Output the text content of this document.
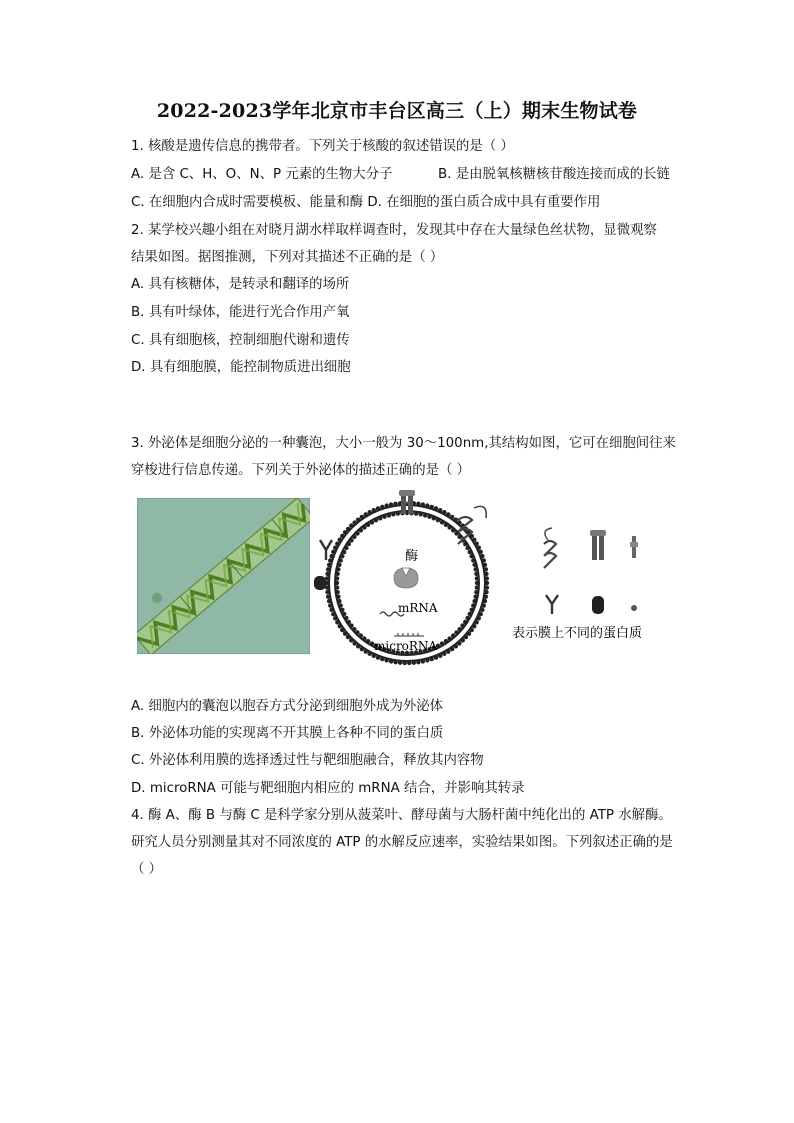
2022-2023学年北京市丰台区高三（上）期末生物试卷
1. 核酸是遗传信息的携带者。下列关于核酸的叙述错误的是（ ）
A. 是含 C、H、O、N、P 元素的生物大分子	B. 是由脱氧核糖核苷酸连接而成的长链
C. 在细胞内合成时需要模板、能量和酶 D. 在细胞的蛋白质合成中具有重要作用
2. 某学校兴趣小组在对晓月湖水样取样调查时，发现其中存在大量绿色丝状物，显微观察
结果如图。据图推测，下列对其描述不正确的是（ ）
A. 具有核糖体，是转录和翻译的场所
B. 具有叶绿体，能进行光合作用产氧
C. 具有细胞核，控制细胞代谢和遗传
D. 具有细胞膜，能控制物质进出细胞
3. 外泌体是细胞分泌的一种囊泡，大小一般为 30～100nm,其结构如图，它可在细胞间往来
穿梭进行信息传递。下列关于外泌体的描述正确的是（ ）
酶
mRNA
microRNA
表示膜上不同的蛋白质
A. 细胞内的囊泡以胞吞方式分泌到细胞外成为外泌体
B. 外泌体功能的实现离不开其膜上各种不同的蛋白质
C. 外泌体利用膜的选择透过性与靶细胞融合，释放其内容物
D. microRNA 可能与靶细胞内相应的 mRNA 结合，并影响其转录
4. 酶 A、酶 B 与酶 C 是科学家分别从菠菜叶、酵母菌与大肠杆菌中纯化出的 ATP 水解酶。
研究人员分别测量其对不同浓度的 ATP 的水解反应速率，实验结果如图。下列叙述正确的是
（ ）
